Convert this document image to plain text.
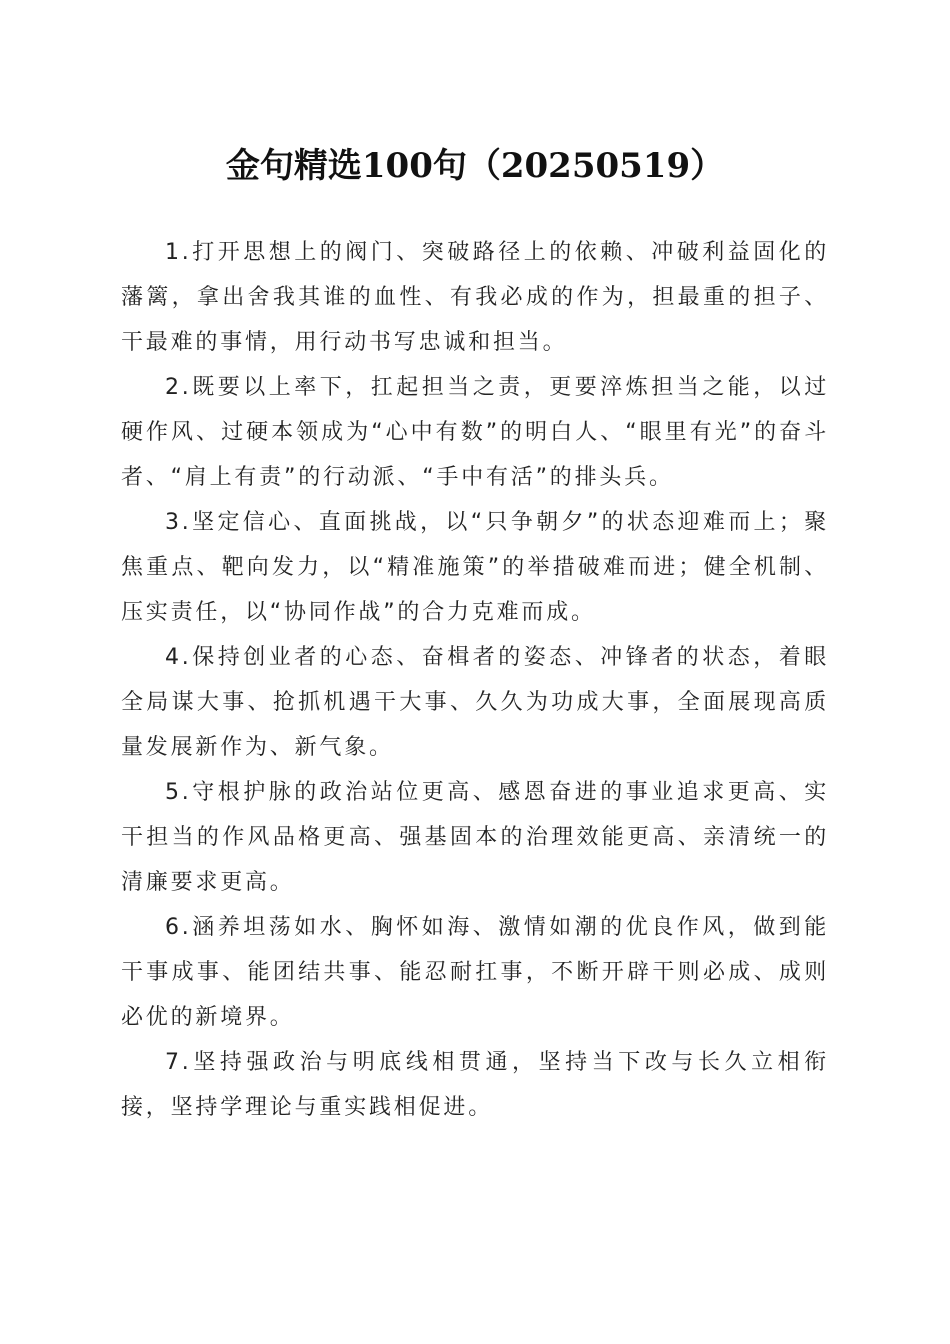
金句精选100句（20250519）

1.打开思想上的阀门、突破路径上的依赖、冲破利益固化的藩篱，拿出舍我其谁的血性、有我必成的作为，担最重的担子、干最难的事情，用行动书写忠诚和担当。

2.既要以上率下，扛起担当之责，更要淬炼担当之能，以过硬作风、过硬本领成为“心中有数”的明白人、“眼里有光”的奋斗者、“肩上有责”的行动派、“手中有活”的排头兵。

3.坚定信心、直面挑战，以“只争朝夕”的状态迎难而上；聚焦重点、靶向发力，以“精准施策”的举措破难而进；健全机制、压实责任，以“协同作战”的合力克难而成。

4.保持创业者的心态、奋楫者的姿态、冲锋者的状态，着眼全局谋大事、抢抓机遇干大事、久久为功成大事，全面展现高质量发展新作为、新气象。

5.守根护脉的政治站位更高、感恩奋进的事业追求更高、实干担当的作风品格更高、强基固本的治理效能更高、亲清统一的清廉要求更高。

6.涵养坦荡如水、胸怀如海、激情如潮的优良作风，做到能干事成事、能团结共事、能忍耐扛事，不断开辟干则必成、成则必优的新境界。

7.坚持强政治与明底线相贯通，坚持当下改与长久立相衔接，坚持学理论与重实践相促进。
